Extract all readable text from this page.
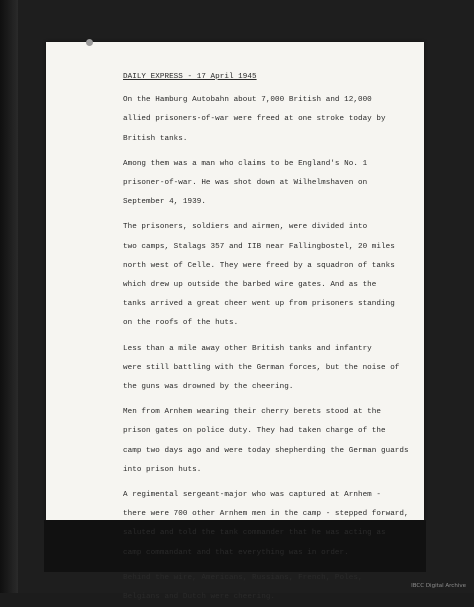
DAILY EXPRESS - 17 April 1945

On the Hamburg Autobahn about 7,000 British and 12,000
allied prisoners-of-war were freed at one stroke today by
British tanks.

Among them was a man who claims to be England's No. 1
prisoner-of-war. He was shot down at Wilhelmshaven on
September 4, 1939.

The prisoners, soldiers and airmen, were divided into
two camps, Stalags 357 and IIB near Fallingbostel, 20 miles
north west of Celle. They were freed by a squadron of tanks
which drew up outside the barbed wire gates. And as the
tanks arrived a great cheer went up from prisoners standing
on the roofs of the huts.

Less than a mile away other British tanks and infantry
were still battling with the German forces, but the noise of
the guns was drowned by the cheering.

Men from Arnhem wearing their cherry berets stood at the
prison gates on police duty. They had taken charge of the
camp two days ago and were today shepherding the German guards
into prison huts.

A regimental sergeant-major who was captured at Arnhem -
there were 700 other Arnhem men in the camp - stepped forward,
saluted and told the tank commander that he was acting as
camp commandant and that everything was in order.

Behind the wire, Americans, Russians, French, Poles,
Belgians and Dutch were cheering.

IBCC Digital Archive
